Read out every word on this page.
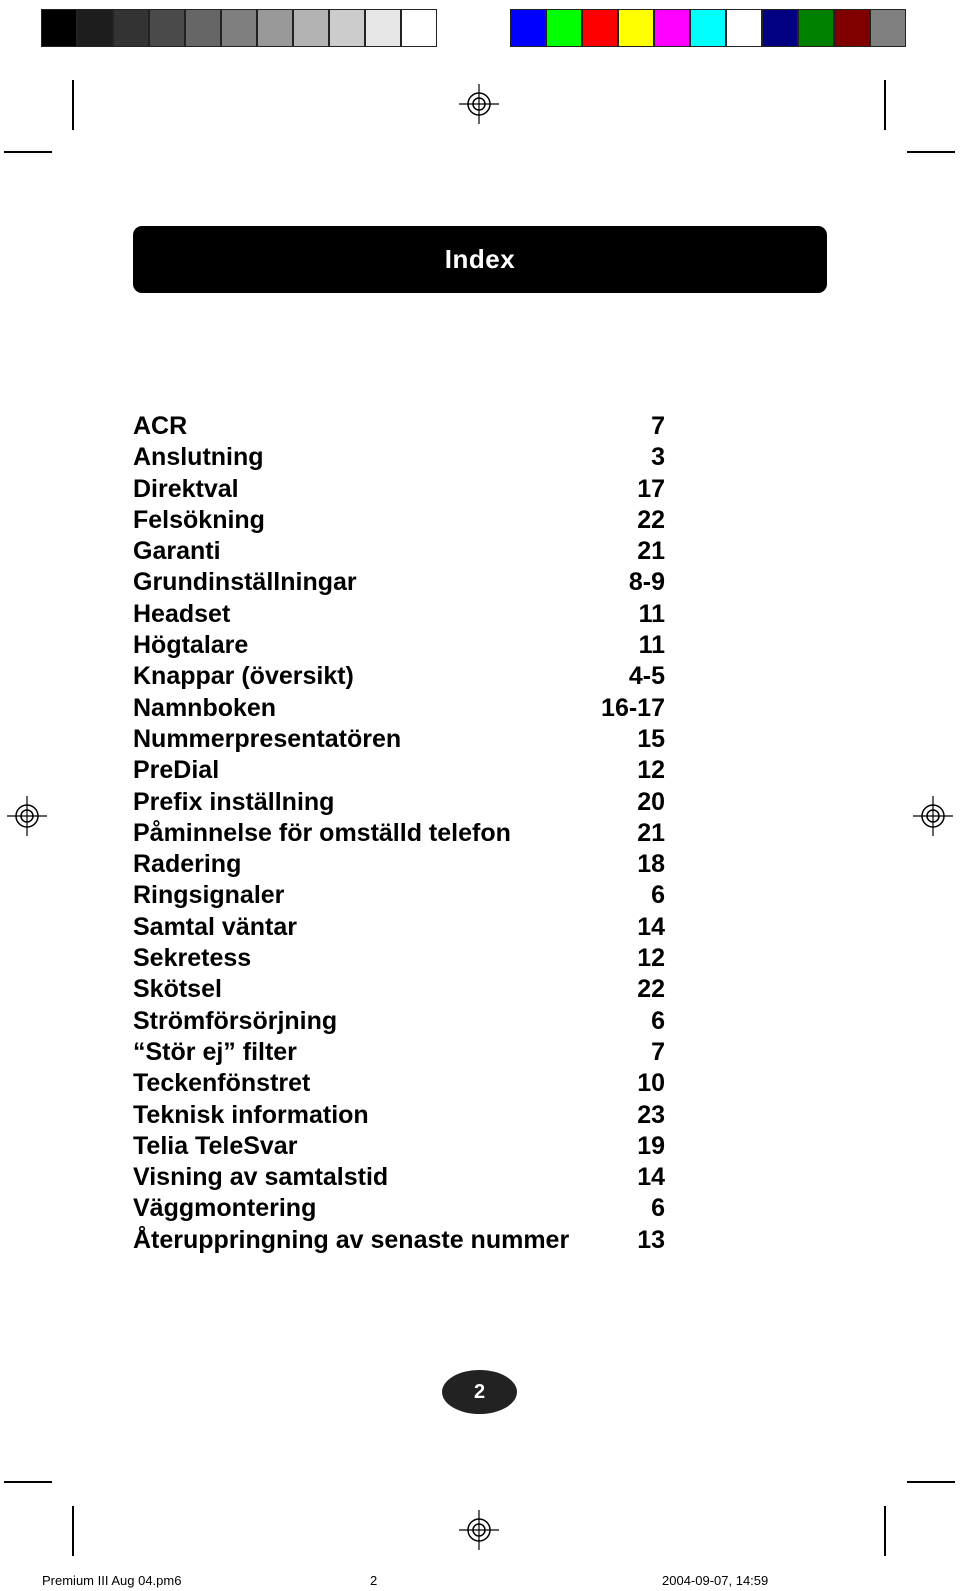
Index
ACR	7
Anslutning	3
Direktval	17
Felsökning	22
Garanti	21
Grundinställningar	8-9
Headset	11
Högtalare	11
Knappar (översikt)	4-5
Namnboken	16-17
Nummerpresentatören	15
PreDial	12
Prefix inställning	20
Påminnelse för omställd telefon	21
Radering	18
Ringsignaler	6
Samtal väntar	14
Sekretess	12
Skötsel	22
Strömförsörjning	6
“Stör ej” filter	7
Teckenfönstret	10
Teknisk information	23
Telia TeleSvar	19
Visning av samtalstid	14
Väggmontering	6
Återuppringning av senaste nummer	13
2
Premium III Aug 04.pm6	2	2004-09-07, 14:59
